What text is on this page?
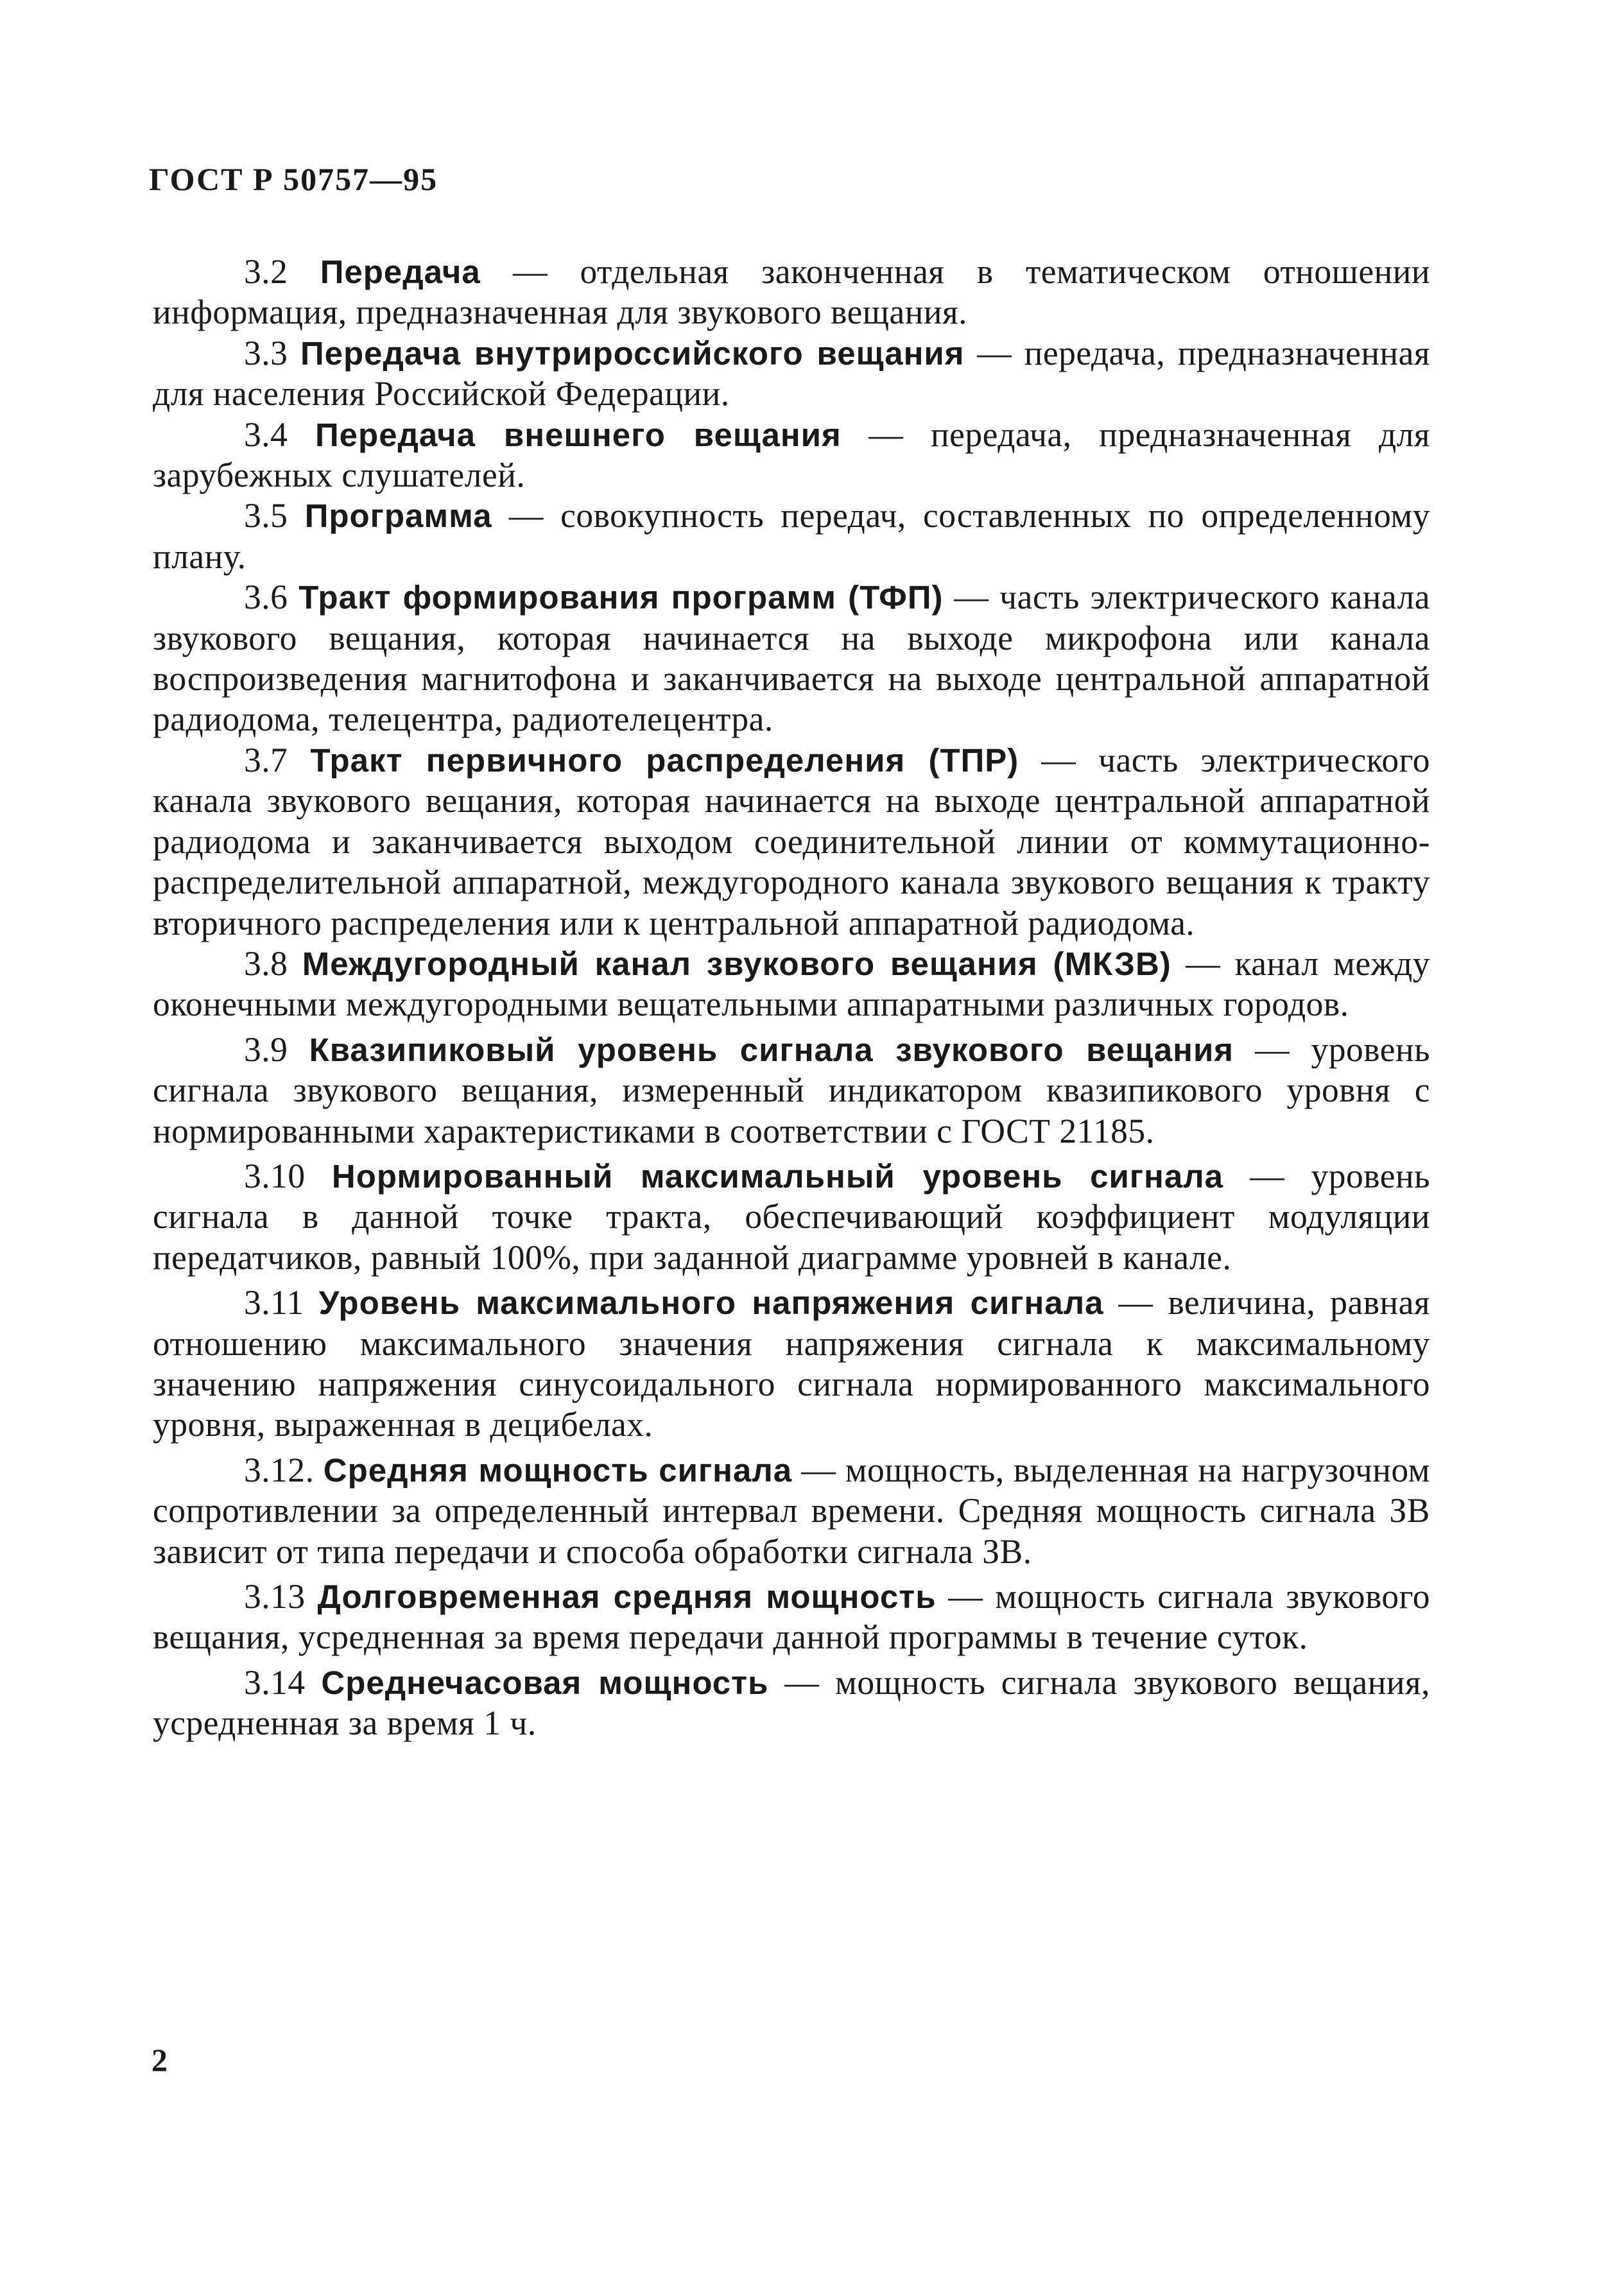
ГОСТ Р 50757—95

3.2 Передача — отдельная законченная в тематическом отношении информация, предназначенная для звукового вещания.

3.3 Передача внутрироссийского вещания — передача, предназначенная для населения Российской Федерации.

3.4 Передача внешнего вещания — передача, предназначенная для зарубежных слушателей.

3.5 Программа — совокупность передач, составленных по определенному плану.

3.6 Тракт формирования программ (ТФП) — часть электрического канала звукового вещания, которая начинается на выходе микрофона или канала воспроизведения магнитофона и заканчивается на выходе центральной аппаратной радиодома, телецентра, радиотелецентра.

3.7 Тракт первичного распределения (ТПР) — часть электрического канала звукового вещания, которая начинается на выходе центральной аппаратной радиодома и заканчивается выходом соединительной линии от коммутационно-распределительной аппаратной, междугородного канала звукового вещания к тракту вторичного распределения или к центральной аппаратной радиодома.

3.8 Междугородный канал звукового вещания (МКЗВ) — канал между оконечными междугородными вещательными аппаратными различных городов.

3.9 Квазипиковый уровень сигнала звукового вещания — уровень сигнала звукового вещания, измеренный индикатором квазипикового уровня с нормированными характеристиками в соответствии с ГОСТ 21185.

3.10 Нормированный максимальный уровень сигнала — уровень сигнала в данной точке тракта, обеспечивающий коэффициент модуляции передатчиков, равный 100%, при заданной диаграмме уровней в канале.

3.11 Уровень максимального напряжения сигнала — величина, равная отношению максимального значения напряжения сигнала к максимальному значению напряжения синусоидального сигнала нормированного максимального уровня, выраженная в децибелах.

3.12. Средняя мощность сигнала — мощность, выделенная на нагрузочном сопротивлении за определенный интервал времени. Средняя мощность сигнала ЗВ зависит от типа передачи и способа обработки сигнала ЗВ.

3.13 Долговременная средняя мощность — мощность сигнала звукового вещания, усредненная за время передачи данной программы в течение суток.

3.14 Среднечасовая мощность — мощность сигнала звукового вещания, усредненная за время 1 ч.

2
